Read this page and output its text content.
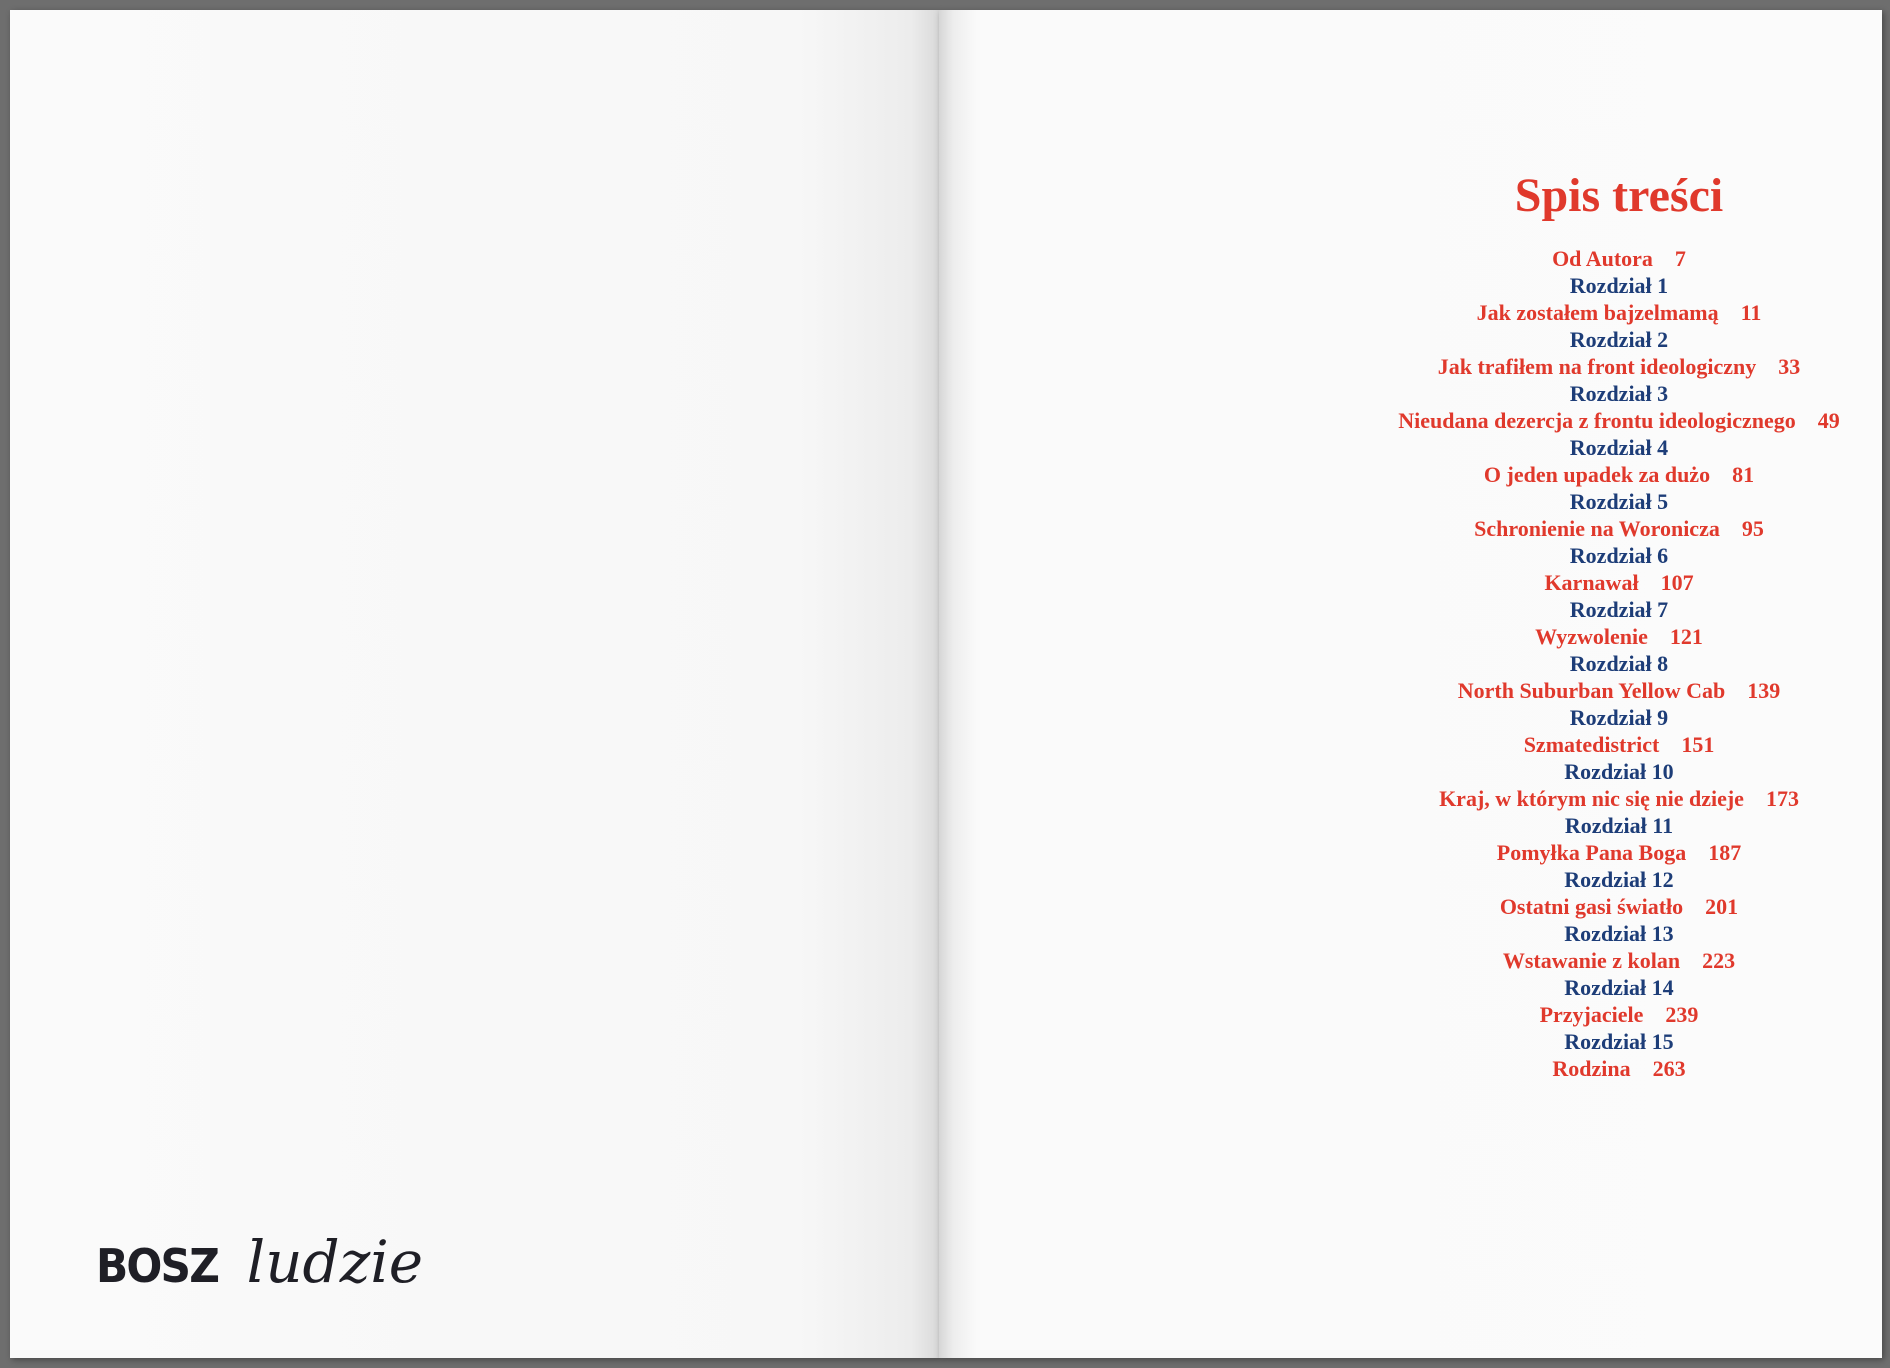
BOSZ ludzie
Spis treści
Od Autora 7
Rozdział 1
Jak zostałem bajzelmamą 11
Rozdział 2
Jak trafiłem na front ideologiczny 33
Rozdział 3
Nieudana dezercja z frontu ideologicznego 49
Rozdział 4
O jeden upadek za dużo 81
Rozdział 5
Schronienie na Woronicza 95
Rozdział 6
Karnawał 107
Rozdział 7
Wyzwolenie 121
Rozdział 8
North Suburban Yellow Cab 139
Rozdział 9
Szmatedistrict 151
Rozdział 10
Kraj, w którym nic się nie dzieje 173
Rozdział 11
Pomyłka Pana Boga 187
Rozdział 12
Ostatni gasi światło 201
Rozdział 13
Wstawanie z kolan 223
Rozdział 14
Przyjaciele 239
Rozdział 15
Rodzina 263
